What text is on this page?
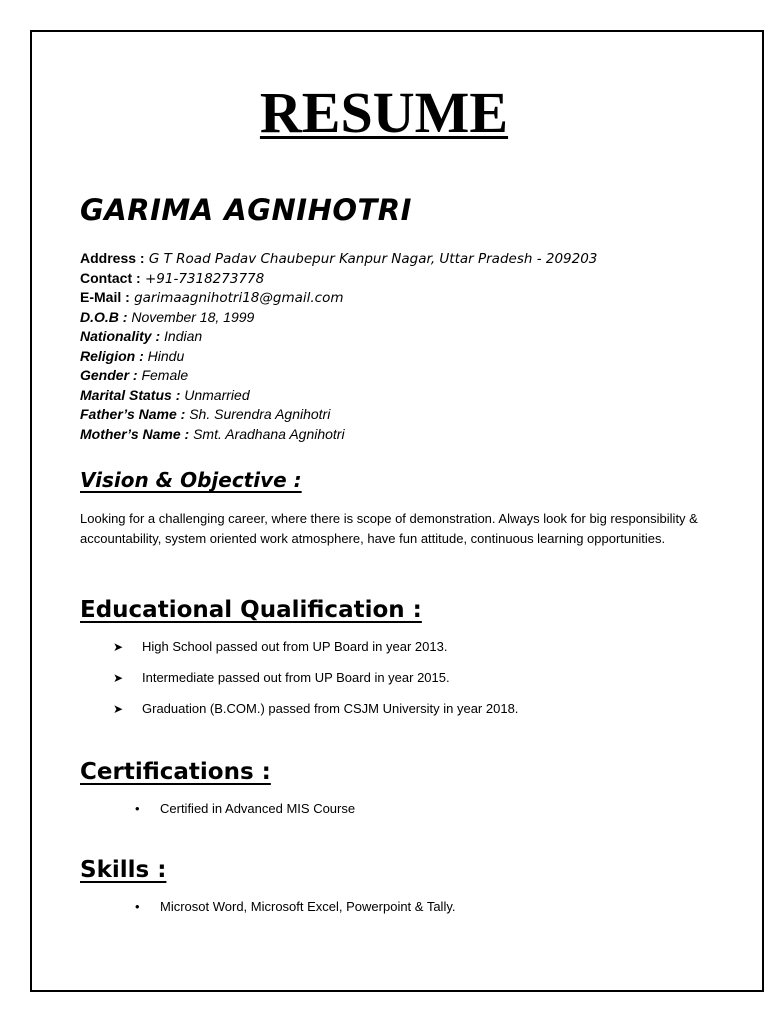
RESUME
GARIMA AGNIHOTRI
Address : G T Road Padav Chaubepur Kanpur Nagar, Uttar Pradesh - 209203
Contact : +91-7318273778
E-Mail : garimaagnihotri18@gmail.com
D.O.B : November 18, 1999
Nationality : Indian
Religion : Hindu
Gender : Female
Marital Status : Unmarried
Father’s Name : Sh. Surendra Agnihotri
Mother’s Name : Smt. Aradhana Agnihotri
Vision & Objective :
Looking for a challenging career, where there is scope of demonstration. Always look for big responsibility & accountability, system oriented work atmosphere, have fun attitude, continuous learning opportunities.
Educational Qualification :
➤ High School passed out from UP Board in year 2013.
➤ Intermediate passed out from UP Board in year 2015.
➤ Graduation (B.COM.) passed from CSJM University in year 2018.
Certifications :
• Certified in Advanced MIS Course
Skills :
• Microsot Word, Microsoft Excel, Powerpoint & Tally.
